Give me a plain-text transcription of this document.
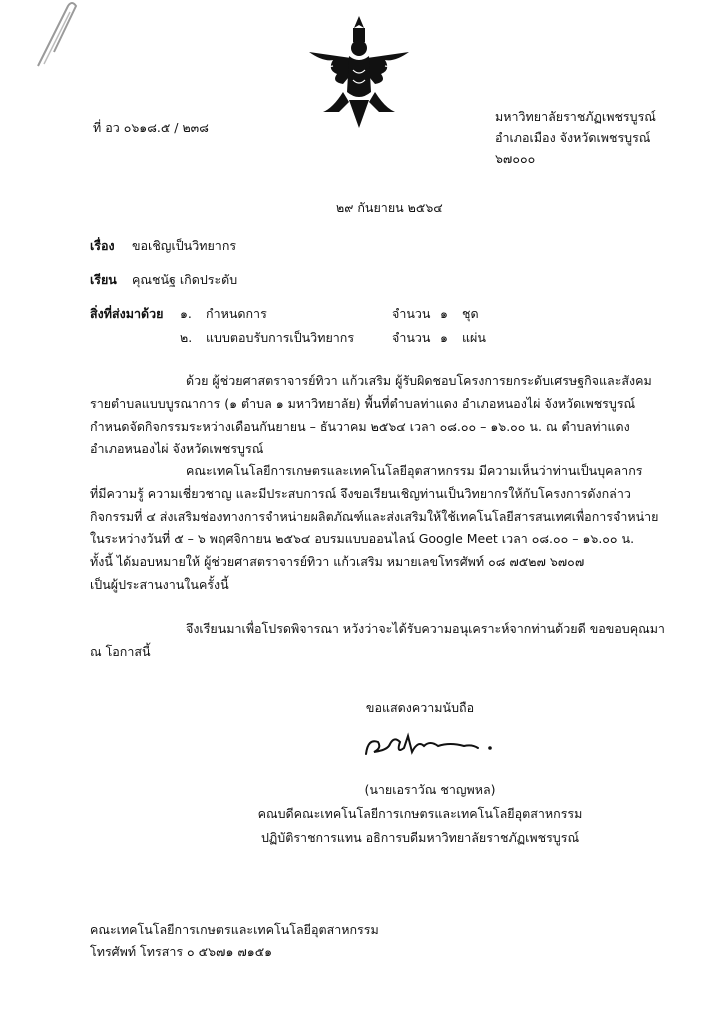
ที่ อว ๐๖๑๘.๕ / ๒๓๘
มหาวิทยาลัยราชภัฏเพชรบูรณ์
อำเภอเมือง จังหวัดเพชรบูรณ์
๖๗๐๐๐
๒๙ กันยายน ๒๕๖๔
เรื่อง ขอเชิญเป็นวิทยากร
เรียน คุณชนัฐ เกิดประดับ
สิ่งที่ส่งมาด้วย ๑. กำหนดการ	จำนวน ๑ ชุด
๒. แบบตอบรับการเป็นวิทยากร	จำนวน ๑ แผ่น
ด้วย ผู้ช่วยศาสตราจารย์ทิวา แก้วเสริม ผู้รับผิดชอบโครงการยกระดับเศรษฐกิจและสังคม
รายตำบลแบบบูรณาการ (๑ ตำบล ๑ มหาวิทยาลัย) พื้นที่ตำบลท่าแดง อำเภอหนองไผ่ จังหวัดเพชรบูรณ์
กำหนดจัดกิจกรรมระหว่างเดือนกันยายน – ธันวาคม ๒๕๖๔ เวลา ๐๘.๐๐ – ๑๖.๐๐ น. ณ ตำบลท่าแดง
อำเภอหนองไผ่ จังหวัดเพชรบูรณ์
คณะเทคโนโลยีการเกษตรและเทคโนโลยีอุตสาหกรรม มีความเห็นว่าท่านเป็นบุคลากร
ที่มีความรู้ ความเชี่ยวชาญ และมีประสบการณ์ จึงขอเรียนเชิญท่านเป็นวิทยากรให้กับโครงการดังกล่าว
กิจกรรมที่ ๔ ส่งเสริมช่องทางการจำหน่ายผลิตภัณฑ์และส่งเสริมให้ใช้เทคโนโลยีสารสนเทศเพื่อการจำหน่าย
ในระหว่างวันที่ ๕ – ๖ พฤศจิกายน ๒๕๖๔ อบรมแบบออนไลน์ Google Meet เวลา ๐๘.๐๐ – ๑๖.๐๐ น.
ทั้งนี้ ได้มอบหมายให้ ผู้ช่วยศาสตราจารย์ทิวา แก้วเสริม หมายเลขโทรศัพท์ ๐๘ ๗๕๒๗ ๖๗๐๗
เป็นผู้ประสานงานในครั้งนี้
จึงเรียนมาเพื่อโปรดพิจารณา หวังว่าจะได้รับความอนุเคราะห์จากท่านด้วยดี ขอขอบคุณมา
ณ โอกาสนี้
ขอแสดงความนับถือ
(นายเอราวัณ ชาญพหล)
คณบดีคณะเทคโนโลยีการเกษตรและเทคโนโลยีอุตสาหกรรม
ปฏิบัติราชการแทน อธิการบดีมหาวิทยาลัยราชภัฏเพชรบูรณ์
คณะเทคโนโลยีการเกษตรและเทคโนโลยีอุตสาหกรรม
โทรศัพท์ โทรสาร ๐ ๕๖๗๑ ๗๑๕๑
